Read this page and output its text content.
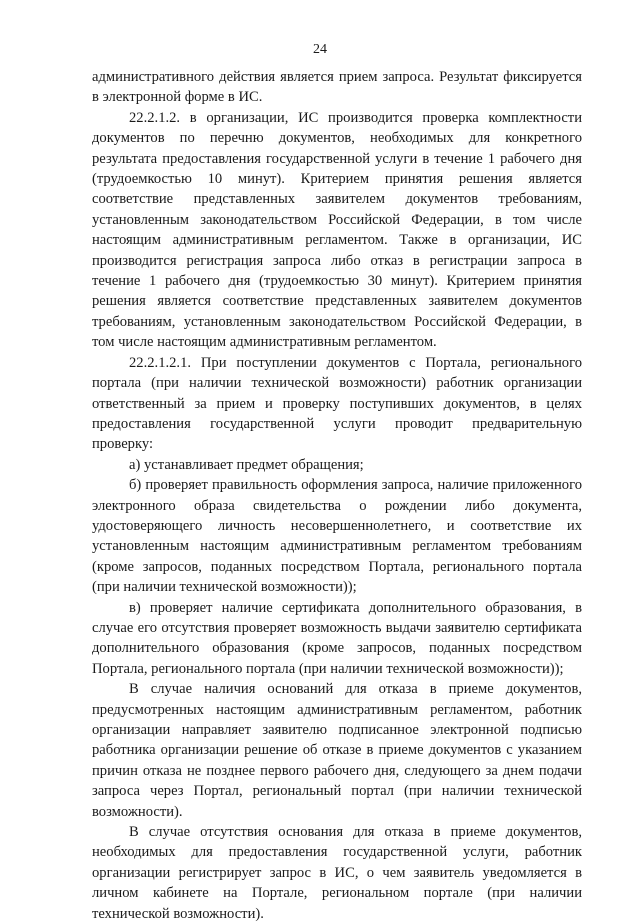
24

административного действия является прием запроса. Результат фиксируется в электронной форме в ИС.

22.2.1.2. в организации, ИС производится проверка комплектности документов по перечню документов, необходимых для конкретного результата предоставления государственной услуги в течение 1 рабочего дня (трудоемкостью 10 минут). Критерием принятия решения является соответствие представленных заявителем документов требованиям, установленным законодательством Российской Федерации, в том числе настоящим административным регламентом. Также в организации, ИС производится регистрация запроса либо отказ в регистрации запроса в течение 1 рабочего дня (трудоемкостью 30 минут). Критерием принятия решения является соответствие представленных заявителем документов требованиям, установленным законодательством Российской Федерации, в том числе настоящим административным регламентом.

22.2.1.2.1. При поступлении документов с Портала, регионального портала (при наличии технической возможности) работник организации ответственный за прием и проверку поступивших документов, в целях предоставления государственной услуги проводит предварительную проверку:

а) устанавливает предмет обращения;

б) проверяет правильность оформления запроса, наличие приложенного электронного образа свидетельства о рождении либо документа, удостоверяющего личность несовершеннолетнего, и соответствие их установленным настоящим административным регламентом требованиям (кроме запросов, поданных посредством Портала, регионального портала (при наличии технической возможности));

в) проверяет наличие сертификата дополнительного образования, в случае его отсутствия проверяет возможность выдачи заявителю сертификата дополнительного образования (кроме запросов, поданных посредством Портала, регионального портала (при наличии технической возможности));

В случае наличия оснований для отказа в приеме документов, предусмотренных настоящим административным регламентом, работник организации направляет заявителю подписанное электронной подписью работника организации решение об отказе в приеме документов с указанием причин отказа не позднее первого рабочего дня, следующего за днем подачи запроса через Портал, региональный портал (при наличии технической возможности).

В случае отсутствия основания для отказа в приеме документов, необходимых для предоставления государственной услуги, работник организации регистрирует запрос в ИС, о чем заявитель уведомляется в личном кабинете на Портале, региональном портале (при наличии технической возможности).
